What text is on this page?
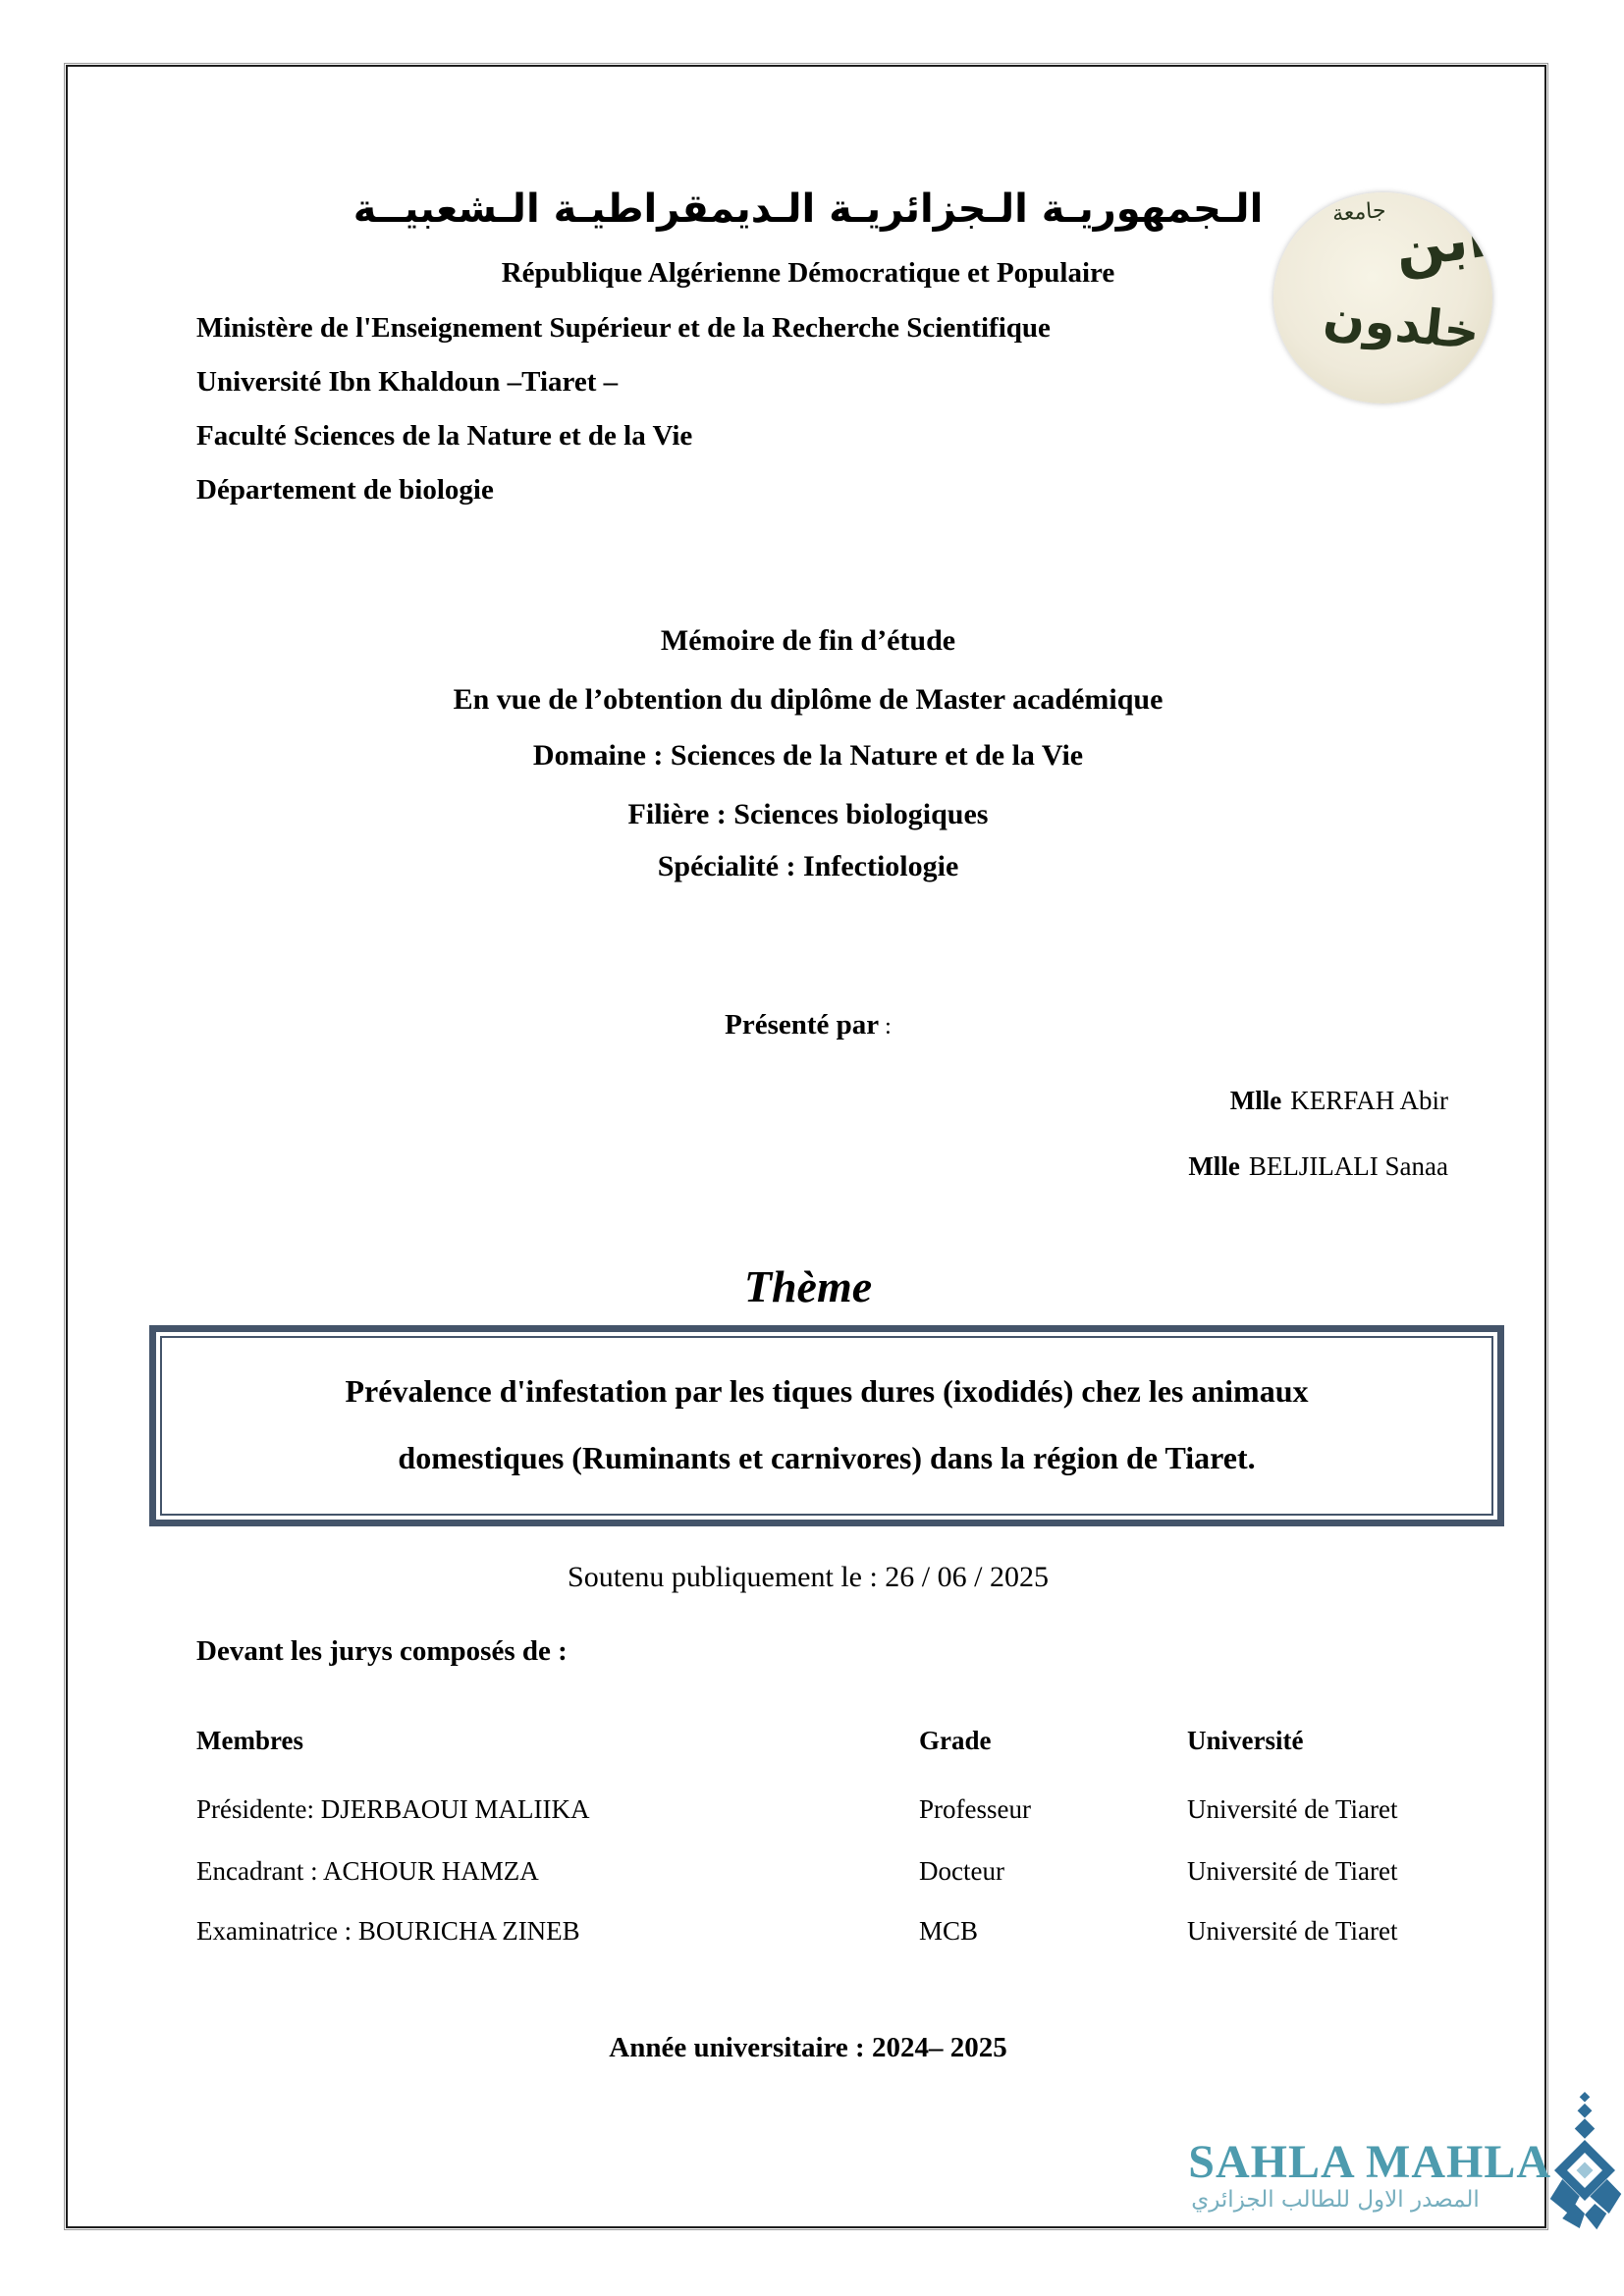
الـجمهوريـة الـجزائريـة الـديمقراطيـة الـشعبيــة
République Algérienne Démocratique et Populaire
Ministère de l'Enseignement Supérieur et de la Recherche Scientifique
Université Ibn Khaldoun –Tiaret –
Faculté Sciences de la Nature et de la Vie
Département de biologie
جامعة ابن
خلدون
Mémoire de fin d’étude
En vue de l’obtention du diplôme de Master académique
Domaine : Sciences de la Nature et de la Vie
Filière : Sciences biologiques
Spécialité : Infectiologie
Présenté par :
Mlle KERFAH Abir
Mlle BELJILALI Sanaa
Thème
Prévalence d'infestation par les tiques dures (ixodidés) chez les animaux
domestiques (Ruminants et carnivores) dans la région de Tiaret.
Soutenu publiquement le : 26 / 06 / 2025
Devant les jurys composés de :
Membres	Grade	Université
Présidente: DJERBAOUI MALIIKA	Professeur	Université de Tiaret
Encadrant : ACHOUR HAMZA	Docteur	Université de Tiaret
Examinatrice : BOURICHA ZINEB	MCB	Université de Tiaret
Année universitaire : 2024– 2025
SAHLA MAHLA
المصدر الاول للطالب الجزائري
